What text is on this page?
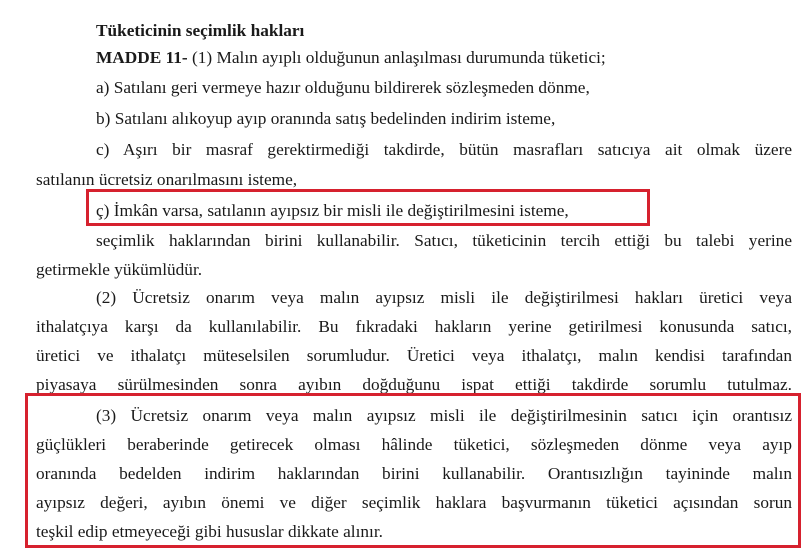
Tüketicinin seçimlik hakları
MADDE 11- (1) Malın ayıplı olduğunun anlaşılması durumunda tüketici;
a) Satılanı geri vermeye hazır olduğunu bildirerek sözleşmeden dönme,
b) Satılanı alıkoyup ayıp oranında satış bedelinden indirim isteme,
c) Aşırı bir masraf gerektirmediği takdirde, bütün masrafları satıcıya ait olmak üzere
satılanın ücretsiz onarılmasını isteme,
ç) İmkân varsa, satılanın ayıpsız bir misli ile değiştirilmesini isteme,
seçimlik haklarından birini kullanabilir. Satıcı, tüketicinin tercih ettiği bu talebi yerine
getirmekle yükümlüdür.
(2) Ücretsiz onarım veya malın ayıpsız misli ile değiştirilmesi hakları üretici veya
ithalatçıya karşı da kullanılabilir. Bu fıkradaki hakların yerine getirilmesi konusunda satıcı,
üretici ve ithalatçı müteselsilen sorumludur. Üretici veya ithalatçı, malın kendisi tarafından
piyasaya sürülmesinden sonra ayıbın doğduğunu ispat ettiği takdirde sorumlu tutulmaz.
(3) Ücretsiz onarım veya malın ayıpsız misli ile değiştirilmesinin satıcı için orantısız
güçlükleri beraberinde getirecek olması hâlinde tüketici, sözleşmeden dönme veya ayıp
oranında bedelden indirim haklarından birini kullanabilir. Orantısızlığın tayininde malın
ayıpsız değeri, ayıbın önemi ve diğer seçimlik haklara başvurmanın tüketici açısından sorun
teşkil edip etmeyeceği gibi hususlar dikkate alınır.
